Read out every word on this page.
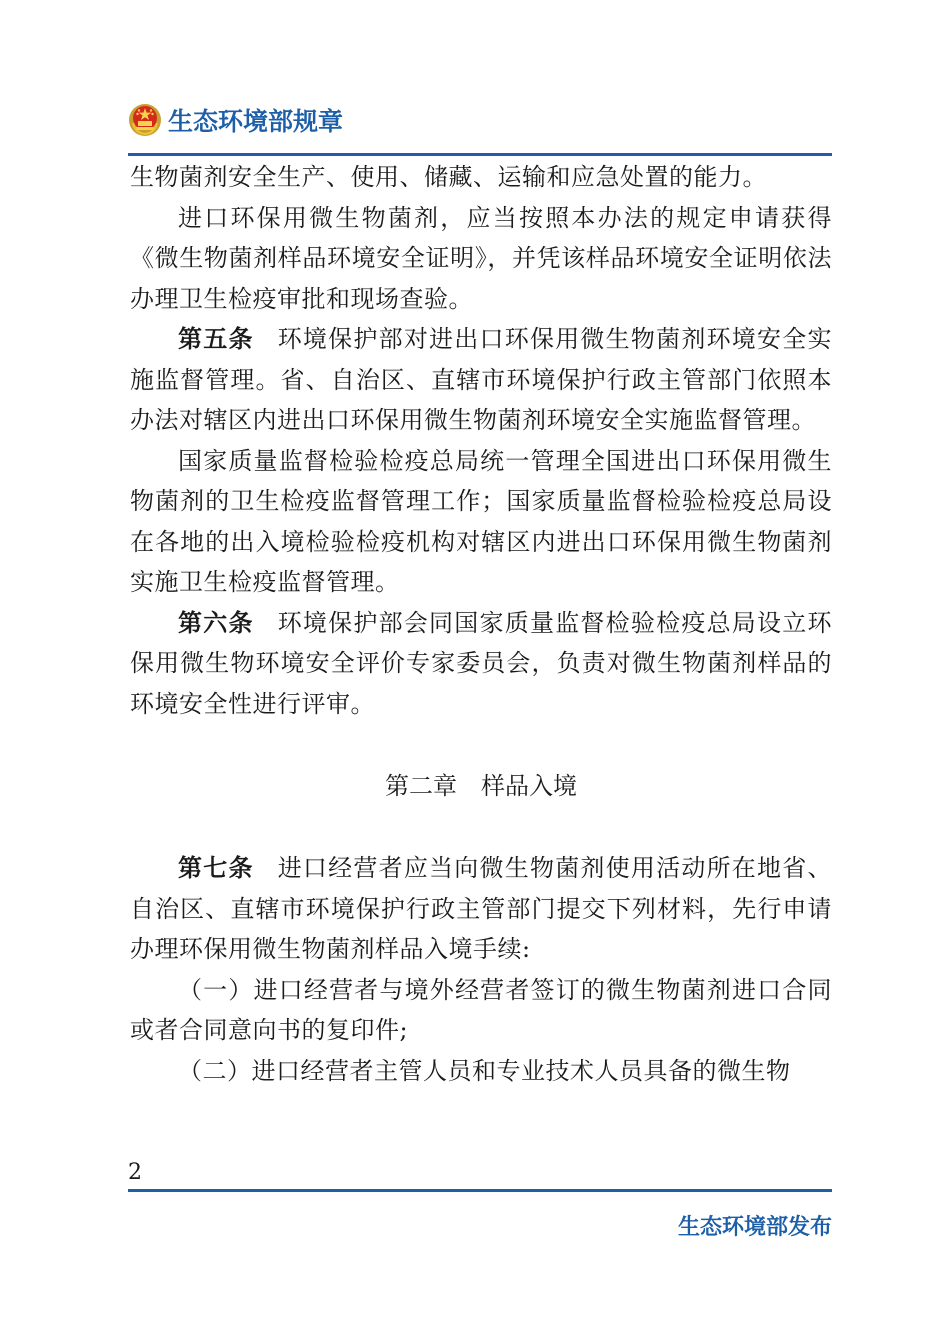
生态环境部规章

生物菌剂安全生产、使用、储藏、运输和应急处置的能力。

进口环保用微生物菌剂，应当按照本办法的规定申请获得《微生物菌剂样品环境安全证明》，并凭该样品环境安全证明依法办理卫生检疫审批和现场查验。

第五条 环境保护部对进出口环保用微生物菌剂环境安全实施监督管理。省、自治区、直辖市环境保护行政主管部门依照本办法对辖区内进出口环保用微生物菌剂环境安全实施监督管理。

国家质量监督检验检疫总局统一管理全国进出口环保用微生物菌剂的卫生检疫监督管理工作；国家质量监督检验检疫总局设在各地的出入境检验检疫机构对辖区内进出口环保用微生物菌剂实施卫生检疫监督管理。

第六条 环境保护部会同国家质量监督检验检疫总局设立环保用微生物环境安全评价专家委员会，负责对微生物菌剂样品的环境安全性进行评审。

第二章 样品入境

第七条 进口经营者应当向微生物菌剂使用活动所在地省、自治区、直辖市环境保护行政主管部门提交下列材料，先行申请办理环保用微生物菌剂样品入境手续:

（一）进口经营者与境外经营者签订的微生物菌剂进口合同或者合同意向书的复印件;

（二）进口经营者主管人员和专业技术人员具备的微生物

2
生态环境部发布
